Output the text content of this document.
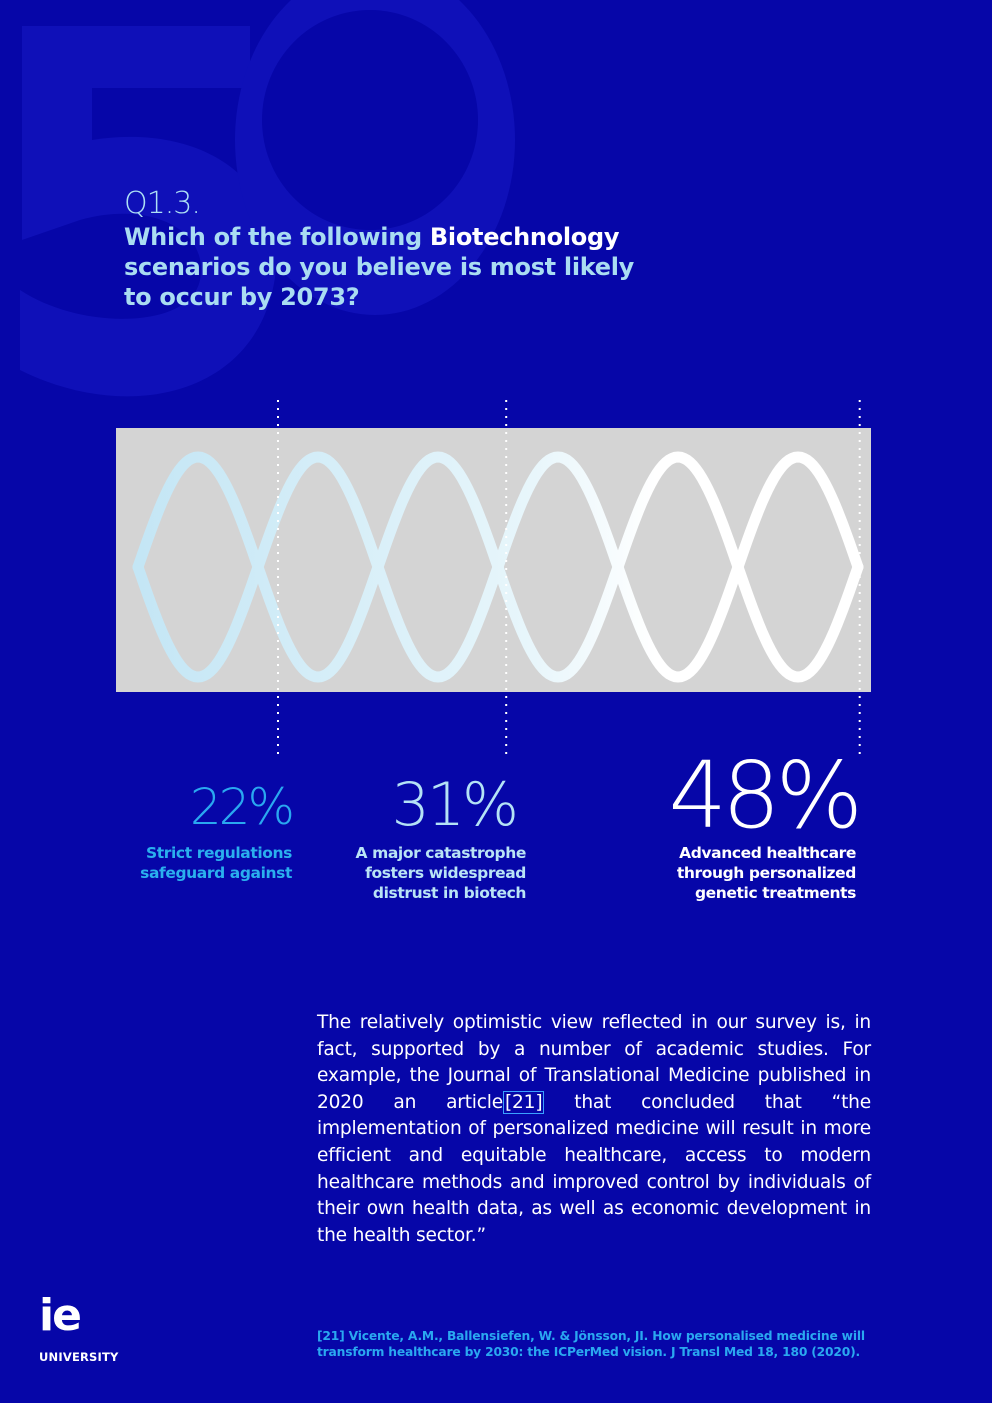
Q1.3.
Which of the following Biotechnology scenarios do you believe is most likely to occur by 2073?
22% 31% 48%
Strict regulations safeguard against
A major catastrophe fosters widespread distrust in biotech
Advanced healthcare through personalized genetic treatments
The relatively optimistic view reflected in our survey is, in fact, supported by a number of academic studies. For example, the Journal of Translational Medicine published in 2020 an article [21] that concluded that “the implementation of personalized medicine will result in more efficient and equitable healthcare, access to modern healthcare methods and improved control by individuals of their own health data, as well as economic development in the health sector.”
[21] Vicente, A.M., Ballensiefen, W. & Jönsson, JI. How personalised medicine will transform healthcare by 2030: the ICPerMed vision. J Transl Med 18, 180 (2020).
ie
UNIVERSITY
